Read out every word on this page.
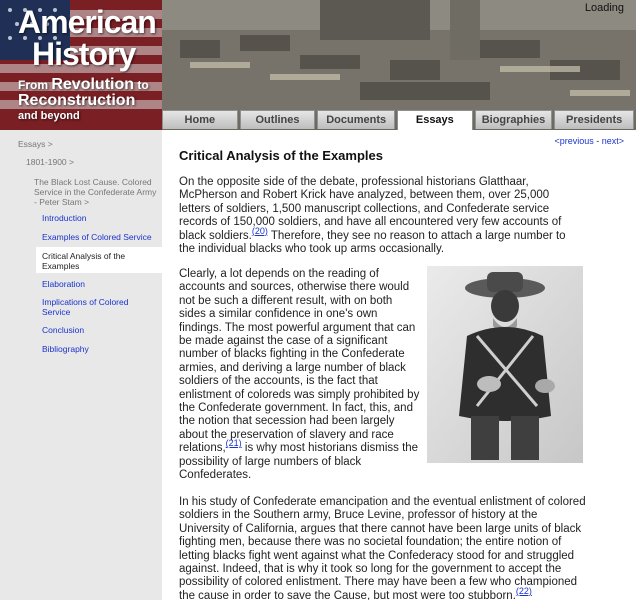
American
History
From Revolution to
Reconstruction
and beyond
Loading
Home	Outlines	Documents	Essays	Biographies	Presidents
Essays >
1801-1900 >
The Black Lost Cause. Colored
Service in the Confederate Army
- Peter Stam >
Introduction
Examples of Colored Service
Critical Analysis of the
Examples
Elaboration
Implications of Colored
Service
Conclusion
Bibliography
<previous - next>
Critical Analysis of the Examples
On the opposite side of the debate, professional historians Glatthaar, McPherson and Robert Krick have analyzed, between them, over 25,000 letters of soldiers, 1,500 manuscript collections, and Confederate service records of 150,000 soldiers, and have all encountered very few accounts of black soldiers.$^{(20)}$ Therefore, they see no reason to attach a large number to the individual blacks who took up arms occasionally.
Clearly, a lot depends on the reading of accounts and sources, otherwise there would not be such a different result, with on both sides a similar confidence in one's own findings. The most powerful argument that can be made against the case of a significant number of blacks fighting in the Confederate armies, and deriving a large number of black soldiers of the accounts, is the fact that enlistment of coloreds was simply prohibited by the Confederate government. In fact, this, and the notion that secession had been largely about the preservation of slavery and race relations,$^{(21)}$ is why most historians dismiss the possibility of large numbers of black Confederates.
In his study of Confederate emancipation and the eventual enlistment of colored soldiers in the Southern army, Bruce Levine, professor of history at the University of California, argues that there cannot have been large units of black fighting men, because there was no societal foundation; the entire notion of letting blacks fight went against what the Confederacy stood for and struggled against. Indeed, that is why it took so long for the government to accept the possibility of colored enlistment. There may have been a few who championed the cause in order to save the Cause, but most were too stubborn.$^{(22)}$
